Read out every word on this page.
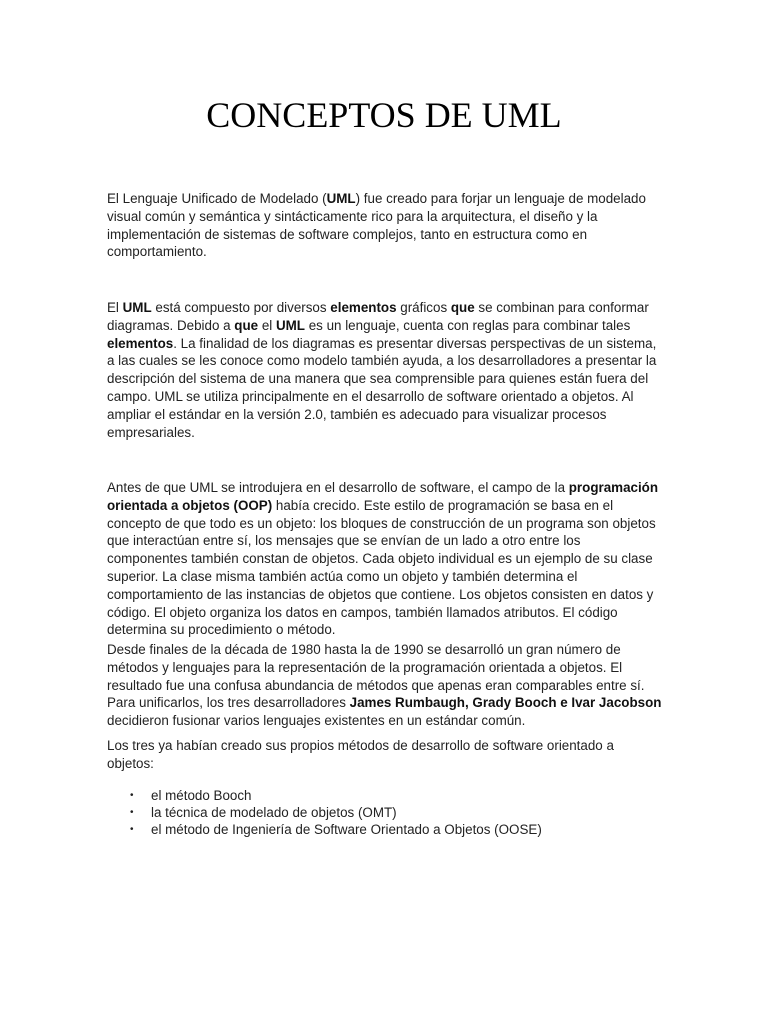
CONCEPTOS DE UML

El Lenguaje Unificado de Modelado (UML) fue creado para forjar un lenguaje de modelado visual común y semántica y sintácticamente rico para la arquitectura, el diseño y la implementación de sistemas de software complejos, tanto en estructura como en comportamiento.

El UML está compuesto por diversos elementos gráficos que se combinan para conformar diagramas. Debido a que el UML es un lenguaje, cuenta con reglas para combinar tales elementos. La finalidad de los diagramas es presentar diversas perspectivas de un sistema, a las cuales se les conoce como modelo también ayuda, a los desarrolladores a presentar la descripción del sistema de una manera que sea comprensible para quienes están fuera del campo. UML se utiliza principalmente en el desarrollo de software orientado a objetos. Al ampliar el estándar en la versión 2.0, también es adecuado para visualizar procesos empresariales.

Antes de que UML se introdujera en el desarrollo de software, el campo de la programación orientada a objetos (OOP) había crecido. Este estilo de programación se basa en el concepto de que todo es un objeto: los bloques de construcción de un programa son objetos que interactúan entre sí, los mensajes que se envían de un lado a otro entre los componentes también constan de objetos. Cada objeto individual es un ejemplo de su clase superior. La clase misma también actúa como un objeto y también determina el comportamiento de las instancias de objetos que contiene. Los objetos consisten en datos y código. El objeto organiza los datos en campos, también llamados atributos. El código determina su procedimiento o método.

Desde finales de la década de 1980 hasta la de 1990 se desarrolló un gran número de métodos y lenguajes para la representación de la programación orientada a objetos. El resultado fue una confusa abundancia de métodos que apenas eran comparables entre sí. Para unificarlos, los tres desarrolladores James Rumbaugh, Grady Booch e Ivar Jacobson decidieron fusionar varios lenguajes existentes en un estándar común.

Los tres ya habían creado sus propios métodos de desarrollo de software orientado a objetos:

• el método Booch
• la técnica de modelado de objetos (OMT)
• el método de Ingeniería de Software Orientado a Objetos (OOSE)
